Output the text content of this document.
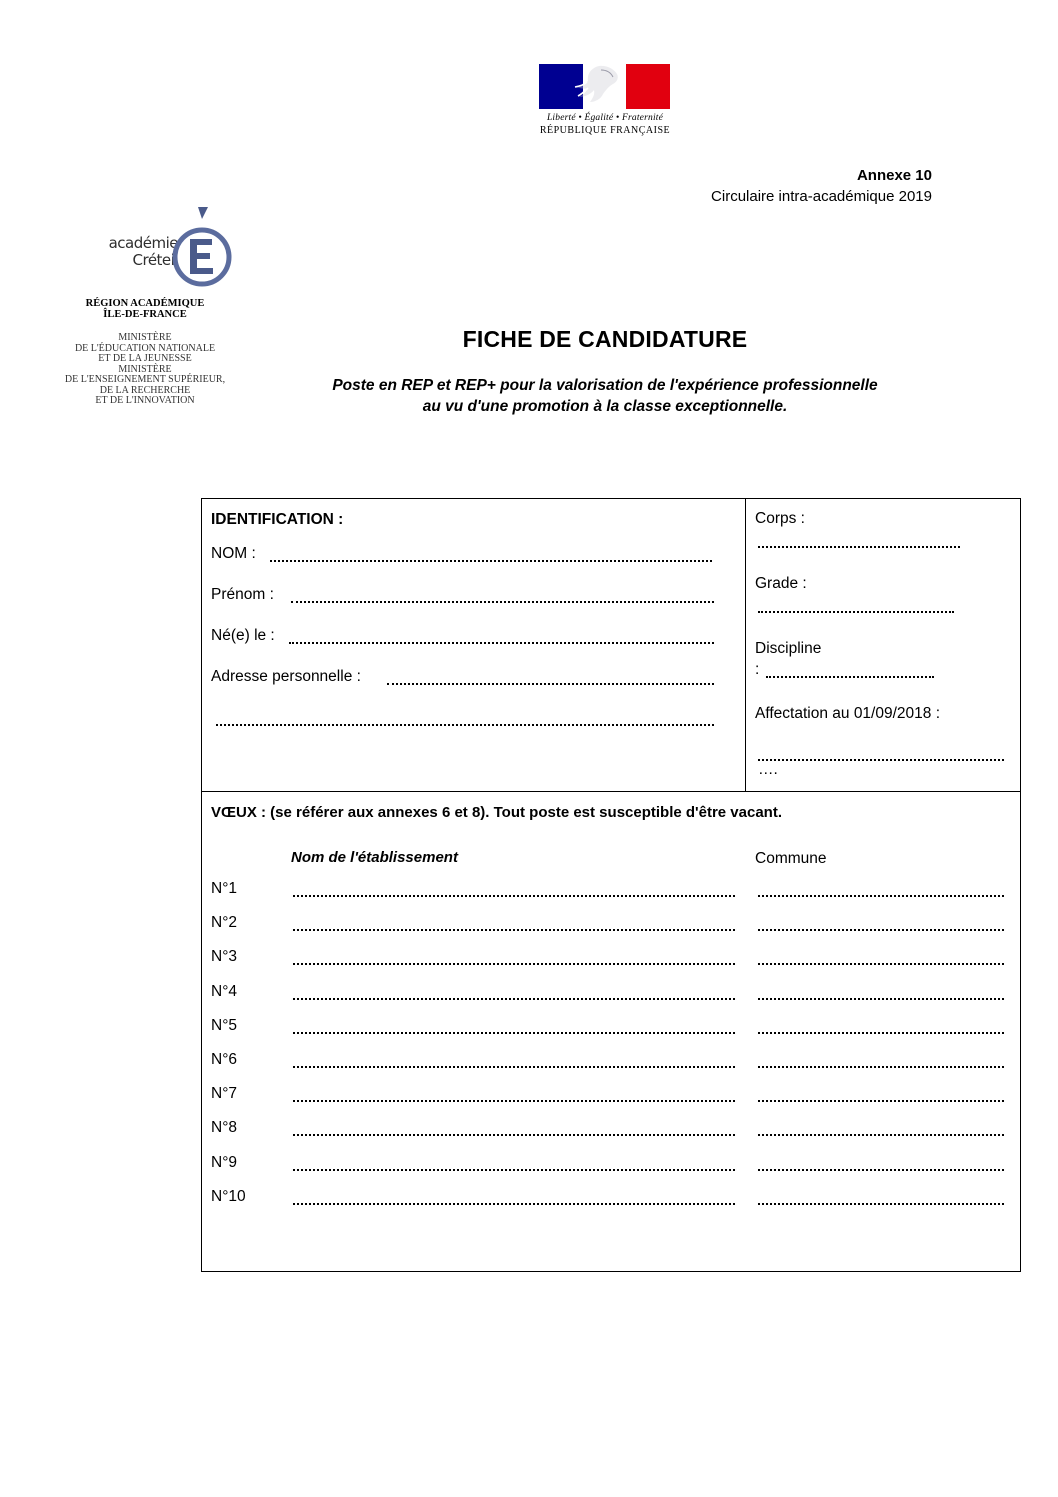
Liberté • Égalité • Fraternité
RÉPUBLIQUE FRANÇAISE
Annexe 10
Circulaire intra-académique 2019
académie
Créteil
RÉGION ACADÉMIQUE
ÎLE-DE-FRANCE
MINISTÈRE
DE L'ÉDUCATION NATIONALE
ET DE LA JEUNESSE
MINISTÈRE
DE L'ENSEIGNEMENT SUPÉRIEUR,
DE LA RECHERCHE
ET DE L'INNOVATION
FICHE DE CANDIDATURE
Poste en REP et REP+ pour la valorisation de l'expérience professionnelle
au vu d'une promotion à la classe exceptionnelle.
IDENTIFICATION :
NOM :
Prénom :
Né(e) le :
Adresse personnelle :
Corps :
Grade :
Discipline
:
Affectation au 01/09/2018 :
….
VŒUX : (se référer aux annexes 6 et 8). Tout poste est susceptible d'être vacant.
Nom de l'établissement	Commune
N°1
N°2
N°3
N°4
N°5
N°6
N°7
N°8
N°9
N°10
